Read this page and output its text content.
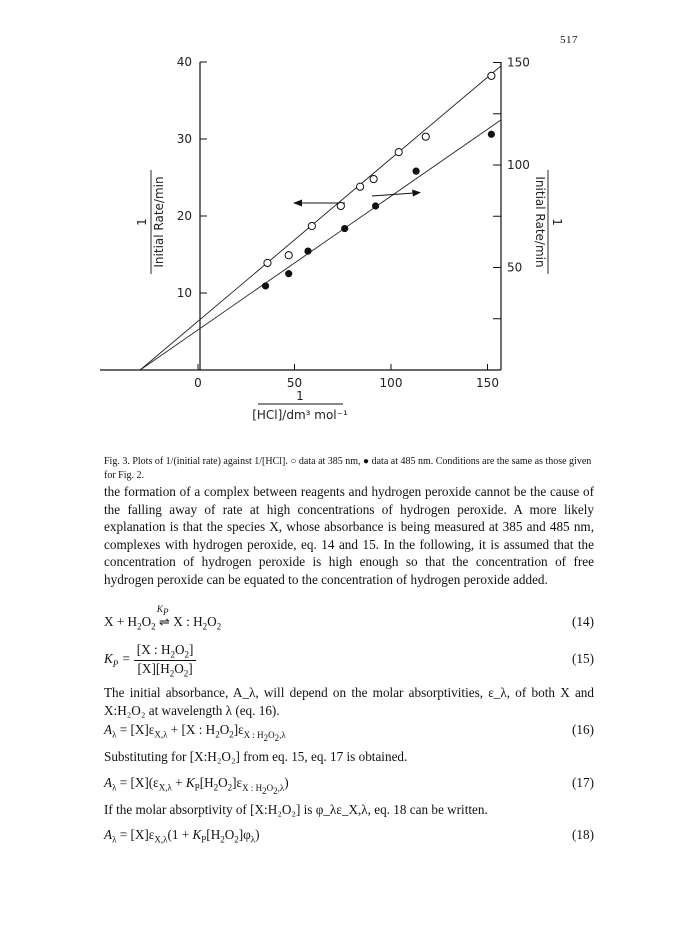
517
0	50	100	150
10
20
30
40
50
100
150
1
[HCl]/dm³ mol⁻¹
1 Initial Rate/min	1
Initial Rate/min
Fig. 3. Plots of 1/(initial rate) against 1/[HCl]. ○ data at 385 nm, ● data at 485 nm. Conditions are the same as those given for Fig. 2.
the formation of a complex between reagents and hydrogen peroxide cannot be the cause of the falling away of rate at high concentrations of hydrogen peroxide. A more likely explanation is that the species X, whose absorbance is being measured at 385 and 485 nm, complexes with hydrogen peroxide, eq. 14 and 15. In the following, it is assumed that the concentration of hydrogen peroxide is high enough so that the concentration of free hydrogen peroxide can be equated to the concentration of hydrogen peroxide added.
$X + H_2O_2$ ⇌
$K_P$
X : $H_2O_2$	(14)
$K_P = \frac{[X : H_2O_2]}{[X][H_2O_2]}$	(15)
The initial absorbance, A_λ, will depend on the molar absorptivities, ε_λ, of both X and X:H₂O₂ at wavelength λ (eq. 16).
$A_\lambda = [X]\varepsilon_{X,\lambda} + [X$ : $H_2O_2]\varepsilon_{X : H_2O_2,\lambda}$	(16)
Substituting for [X:H₂O₂] from eq. 15, eq. 17 is obtained.
$A_\lambda = [X](\varepsilon_{X,\lambda} + K_P[H_2O_2]\varepsilon_{X : H_2O_2,\lambda})$	(17)
If the molar absorptivity of [X:H₂O₂] is φ_λε_X,λ, eq. 18 can be written.
$A_\lambda = [X]\varepsilon_{X,\lambda}(1 + K_P[H_2O_2]\varphi_\lambda)$	(18)
